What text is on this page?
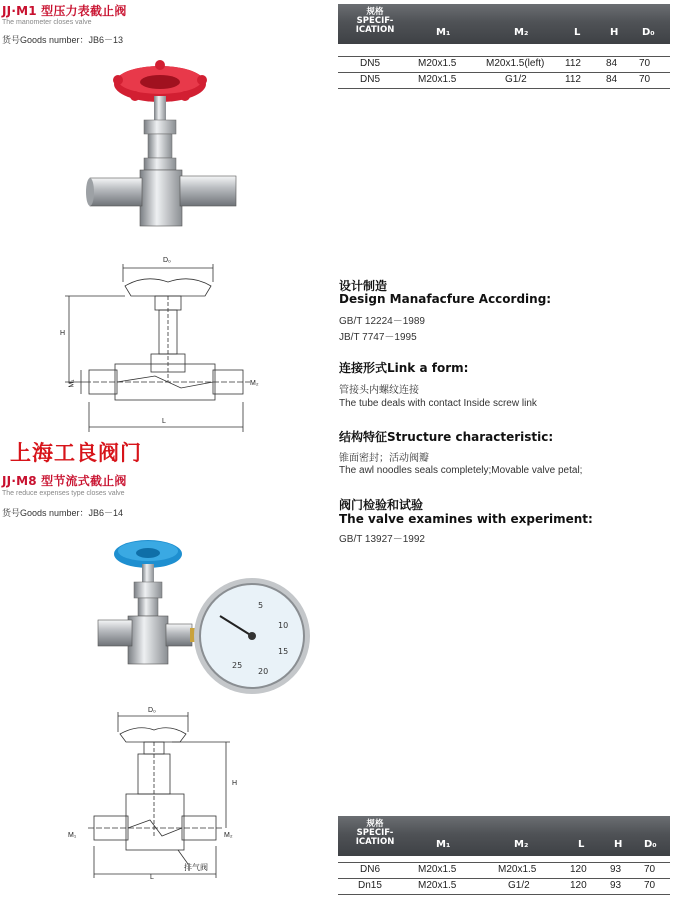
JJ·M1 型压力表截止阀
The manometer closes valve
货号Goods number：JB6－13
D₀
H
M₁	M₂
L
上海工良阀门
JJ·M8 型节流式截止阀
The reduce expenses type closes valve
货号Goods number：JB6－14
5
10
15
20
25
D₀
H
M₁	M₂
L
排气阀
规格
SPECIF-
ICATION	M₁	M₂	L	H D₀
DN5	M20x1.5	M20x1.5(left) 112	84 70
DN5	M20x1.5	G1/2	112	84 70
设计制造
Design Manafacfure According:
GB/T 12224－1989
JB/T 7747－1995
连接形式Link a form:
管接头内螺纹连接
The tube deals with contact Inside screw link
结构特征Structure characteristic:
锥面密封；活动阀瓣
The awl noodles seals completely;Movable valve petal;
阀门检验和试验
The valve examines with experiment:
GB/T 13927－1992
规格
SPECIF-
ICATION	M₁	M₂	L	H D₀
DN6	M20x1.5	M20x1.5	120 93 70
Dn15	M20x1.5	G1/2	120 93 70
